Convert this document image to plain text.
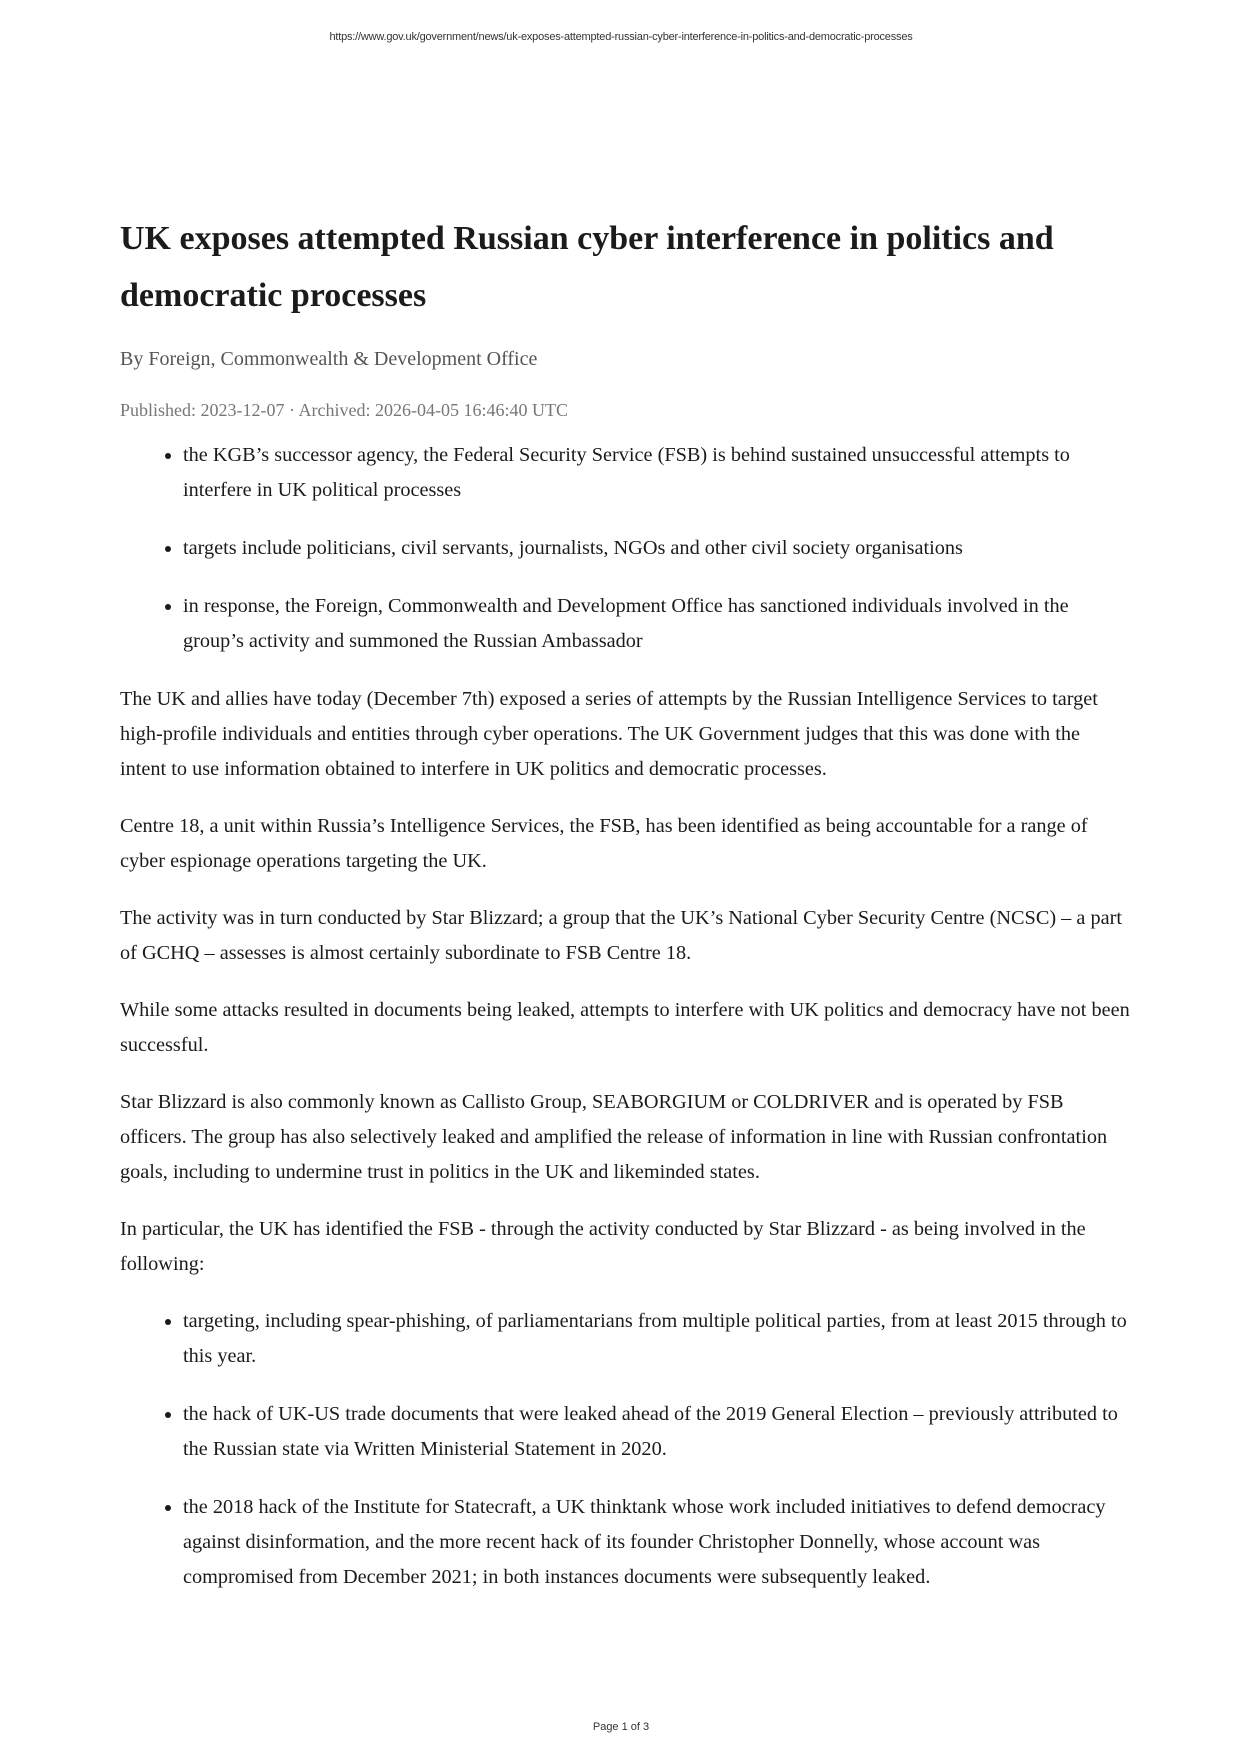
https://www.gov.uk/government/news/uk-exposes-attempted-russian-cyber-interference-in-politics-and-democratic-processes
UK exposes attempted Russian cyber interference in politics and democratic processes
By Foreign, Commonwealth & Development Office
Published: 2023-12-07 · Archived: 2026-04-05 16:46:40 UTC
• the KGB’s successor agency, the Federal Security Service (FSB) is behind sustained unsuccessful attempts to interfere in UK political processes
• targets include politicians, civil servants, journalists, NGOs and other civil society organisations
• in response, the Foreign, Commonwealth and Development Office has sanctioned individuals involved in the group’s activity and summoned the Russian Ambassador

The UK and allies have today (December 7th) exposed a series of attempts by the Russian Intelligence Services to target high-profile individuals and entities through cyber operations. The UK Government judges that this was done with the intent to use information obtained to interfere in UK politics and democratic processes.

Centre 18, a unit within Russia’s Intelligence Services, the FSB, has been identified as being accountable for a range of cyber espionage operations targeting the UK.

The activity was in turn conducted by Star Blizzard; a group that the UK’s National Cyber Security Centre (NCSC) – a part of GCHQ – assesses is almost certainly subordinate to FSB Centre 18.

While some attacks resulted in documents being leaked, attempts to interfere with UK politics and democracy have not been successful.

Star Blizzard is also commonly known as Callisto Group, SEABORGIUM or COLDRIVER and is operated by FSB officers. The group has also selectively leaked and amplified the release of information in line with Russian confrontation goals, including to undermine trust in politics in the UK and likeminded states.

In particular, the UK has identified the FSB - through the activity conducted by Star Blizzard - as being involved in the following:

• targeting, including spear-phishing, of parliamentarians from multiple political parties, from at least 2015 through to this year.
• the hack of UK-US trade documents that were leaked ahead of the 2019 General Election – previously attributed to the Russian state via Written Ministerial Statement in 2020.
• the 2018 hack of the Institute for Statecraft, a UK thinktank whose work included initiatives to defend democracy against disinformation, and the more recent hack of its founder Christopher Donnelly, whose account was compromised from December 2021; in both instances documents were subsequently leaked.
Page 1 of 3
